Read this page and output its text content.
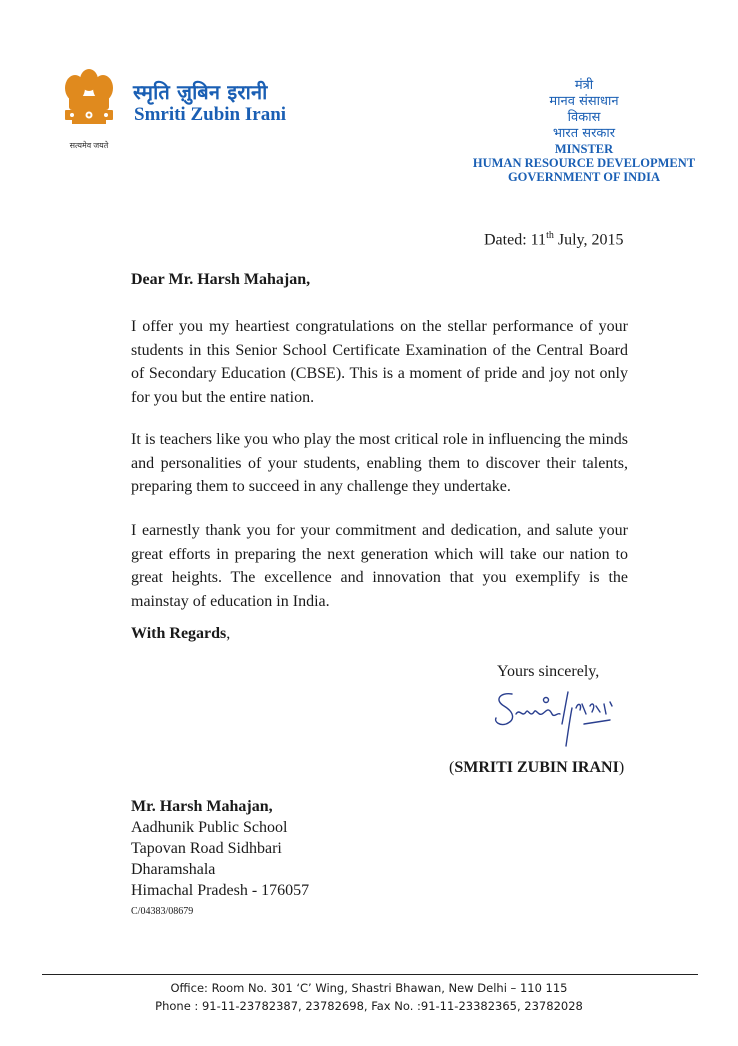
सत्यमेव जयते
स्मृति ज़ुबिन इरानी
Smriti Zubin Irani
मंत्री
मानव संसाधान
विकास
भारत सरकार
MINSTER
HUMAN RESOURCE DEVELOPMENT
GOVERNMENT OF INDIA
Dated: 11th July, 2015
Dear Mr. Harsh Mahajan,
I offer you my heartiest congratulations on the stellar performance of your students in this Senior School Certificate Examination of the Central Board of Secondary Education (CBSE). This is a moment of pride and joy not only for you but the entire nation.
It is teachers like you who play the most critical role in influencing the minds and personalities of your students, enabling them to discover their talents, preparing them to succeed in any challenge they undertake.
I earnestly thank you for your commitment and dedication, and salute your great efforts in preparing the next generation which will take our nation to great heights. The excellence and innovation that you exemplify is the mainstay of education in India.
With Regards,
Yours sincerely,
(SMRITI ZUBIN IRANI)
Mr. Harsh Mahajan,
Aadhunik Public School
Tapovan Road Sidhbari
Dharamshala
Himachal Pradesh - 176057
C/04383/08679
Office: Room No. 301 ‘C’ Wing, Shastri Bhawan, New Delhi – 110 115
Phone : 91-11-23782387, 23782698, Fax No. :91-11-23382365, 23782028
